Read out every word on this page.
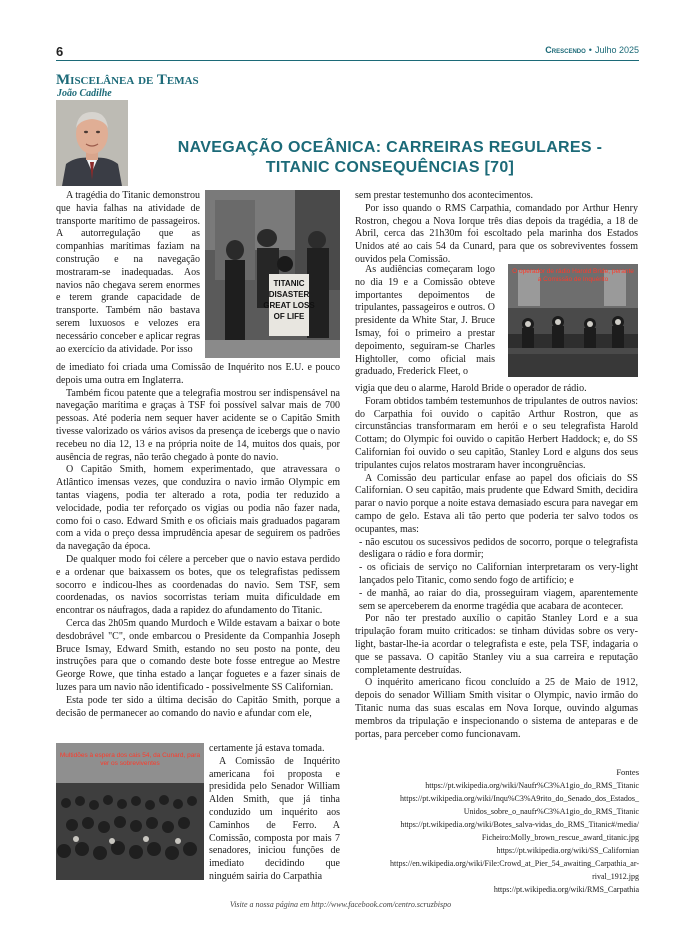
6	Crescendo • Julho 2025
Miscelânea de Temas
João Cadilhe
NAVEGAÇÃO OCEÂNICA: CARREIRAS REGULARES -
TITANIC CONSEQUÊNCIAS [70]
TITANIC
DISASTER
GREAT LOSS
OF LIFE

A tragédia do Titanic demonstrou que havia falhas na atividade de transporte marítimo de passageiros. A autorregulação que as companhias marítimas faziam na construção e na navegação mostraram-se inadequadas. Aos navios não chegava serem enormes e terem grande capacidade de transporte. Também não bastava serem luxuosos e velozes era necessário conceber e aplicar regras ao exercício da atividade. Por isso

de imediato foi criada uma Comissão de Inquérito nos E.U. e pouco depois uma outra em Inglaterra.

Também ficou patente que a telegrafia mostrou ser indispensável na navegação marítima e graças à TSF foi possível salvar mais de 700 pessoas. Até poderia nem sequer haver acidente se o Capitão Smith tivesse valorizado os vários avisos da presença de icebergs que o navio recebeu no dia 12, 13 e na própria noite de 14, muitos dos quais, por ausência de regras, não terão chegado à ponte do navio.

O Capitão Smith, homem experimentado, que atravessara o Atlântico imensas vezes, que conduzira o navio irmão Olympic em tantas viagens, podia ter alterado a rota, podia ter reduzido a velocidade, podia ter reforçado os vigias ou podia não fazer nada, como foi o caso. Edward Smith e os oficiais mais graduados pagaram com a vida o preço dessa imprudência apesar de seguirem os padrões da navegação da época.

De qualquer modo foi célere a perceber que o navio estava perdido e a ordenar que baixassem os botes, que os telegrafistas pedissem socorro e indicou-lhes as coordenadas do navio. Sem TSF, sem coordenadas, os navios socorristas teriam muita dificuldade em encontrar os náufragos, dada a rapidez do afundamento do Titanic.

Cerca das 2h05m quando Murdoch e Wilde estavam a baixar o bote desdobrável "C", onde embarcou o Presidente da Companhia Joseph Bruce Ismay, Edward Smith, estando no seu posto na ponte, deu instruções para que o comando deste bote fosse entregue ao Mestre George Rowe, que tinha estado a lançar foguetes e a fazer sinais de luzes para um navio não identificado - possivelmente SS Californian.

Esta pode ter sido a última decisão do Capitão Smith, porque a decisão de permanecer ao comando do navio e afundar com ele,

Multidões à espera dos cais 54, da Cunard, para ver os sobreviventes

certamente já estava tomada.

A Comissão de Inquérito americana foi proposta e presidida pelo Senador William Alden Smith, que já tinha conduzido um inquérito aos Caminhos de Ferro. A Comissão, composta por mais 7 senadores, iniciou funções de imediato decidindo que ninguém sairia do Carpathia

sem prestar testemunho dos acontecimentos.

Por isso quando o RMS Carpathia, comandado por Arthur Henry Rostron, chegou a Nova Iorque três dias depois da tragédia, a 18 de Abril, cerca das 21h30m foi escoltado pela marinha dos Estados Unidos até ao cais 54 da Cunard, para que os sobreviventes fossem ouvidos pela Comissão.

As audiências começaram logo no dia 19 e a Comissão obteve importantes depoimentos de tripulantes, passageiros e outros. O presidente da White Star, J. Bruce Ismay, foi o primeiro a prestar depoimento, seguiram-se Charles Hightoller, como oficial mais graduado, Frederick Fleet, o

O operador de rádio Harold Bride, perante a Comissão de Inquérito

vigia que deu o alarme, Harold Bride o operador de rádio.

Foram obtidos também testemunhos de tripulantes de outros navios: do Carpathia foi ouvido o capitão Arthur Rostron, que as circunstâncias transformaram em herói e o seu telegrafista Harold Cottam; do Olympic foi ouvido o capitão Herbert Haddock; e, do SS Californian foi ouvido o seu capitão, Stanley Lord e alguns dos seus tripulantes cujos relatos mostraram haver incongruências.

A Comissão deu particular enfase ao papel dos oficiais do SS Californian. O seu capitão, mais prudente que Edward Smith, decidira parar o navio porque a noite estava demasiado escura para navegar em campo de gelo. Estava ali tão perto que poderia ter salvo todos os ocupantes, mas:

- não escutou os sucessivos pedidos de socorro, porque o telegrafista desligara o rádio e fora dormir;

- os oficiais de serviço no Californian interpretaram os very-light lançados pelo Titanic, como sendo fogo de artifício; e

- de manhã, ao raiar do dia, prosseguiram viagem, aparentemente sem se aperceberem da enorme tragédia que acabara de acontecer.

Por não ter prestado auxílio o capitão Stanley Lord e a sua tripulação foram muito criticados: se tinham dúvidas sobre os very-light, bastar-lhe-ia acordar o telegrafista e este, pela TSF, indagaria o que se passava. O capitão Stanley viu a sua carreira e reputação completamente destruídas.

O inquérito americano ficou concluído a 25 de Maio de 1912, depois do senador William Smith visitar o Olympic, navio irmão do Titanic numa das suas escalas em Nova Iorque, ouvindo algumas membros da tripulação e inspecionando o sistema de anteparas e de portas, para perceber como funcionavam.

Fontes
https://pt.wikipedia.org/wiki/Naufr%C3%A1gio_do_RMS_Titanic
https://pt.wikipedia.org/wiki/Inqu%C3%A9rito_do_Senado_dos_Estados_
Unidos_sobre_o_naufr%C3%A1gio_do_RMS_Titanic
https://pt.wikipedia.org/wiki/Botes_salva-vidas_do_RMS_Titanic#/media/
Ficheiro:Molly_brown_rescue_award_titanic.jpg
https://pt.wikipedia.org/wiki/SS_Californian
https://en.wikipedia.org/wiki/File:Crowd_at_Pier_54_awaiting_Carpathia_ar-
rival_1912.jpg
https://pt.wikipedia.org/wiki/RMS_Carpathia
Visite a nossa página em http://www.facebook.com/centro.scruzbispo
